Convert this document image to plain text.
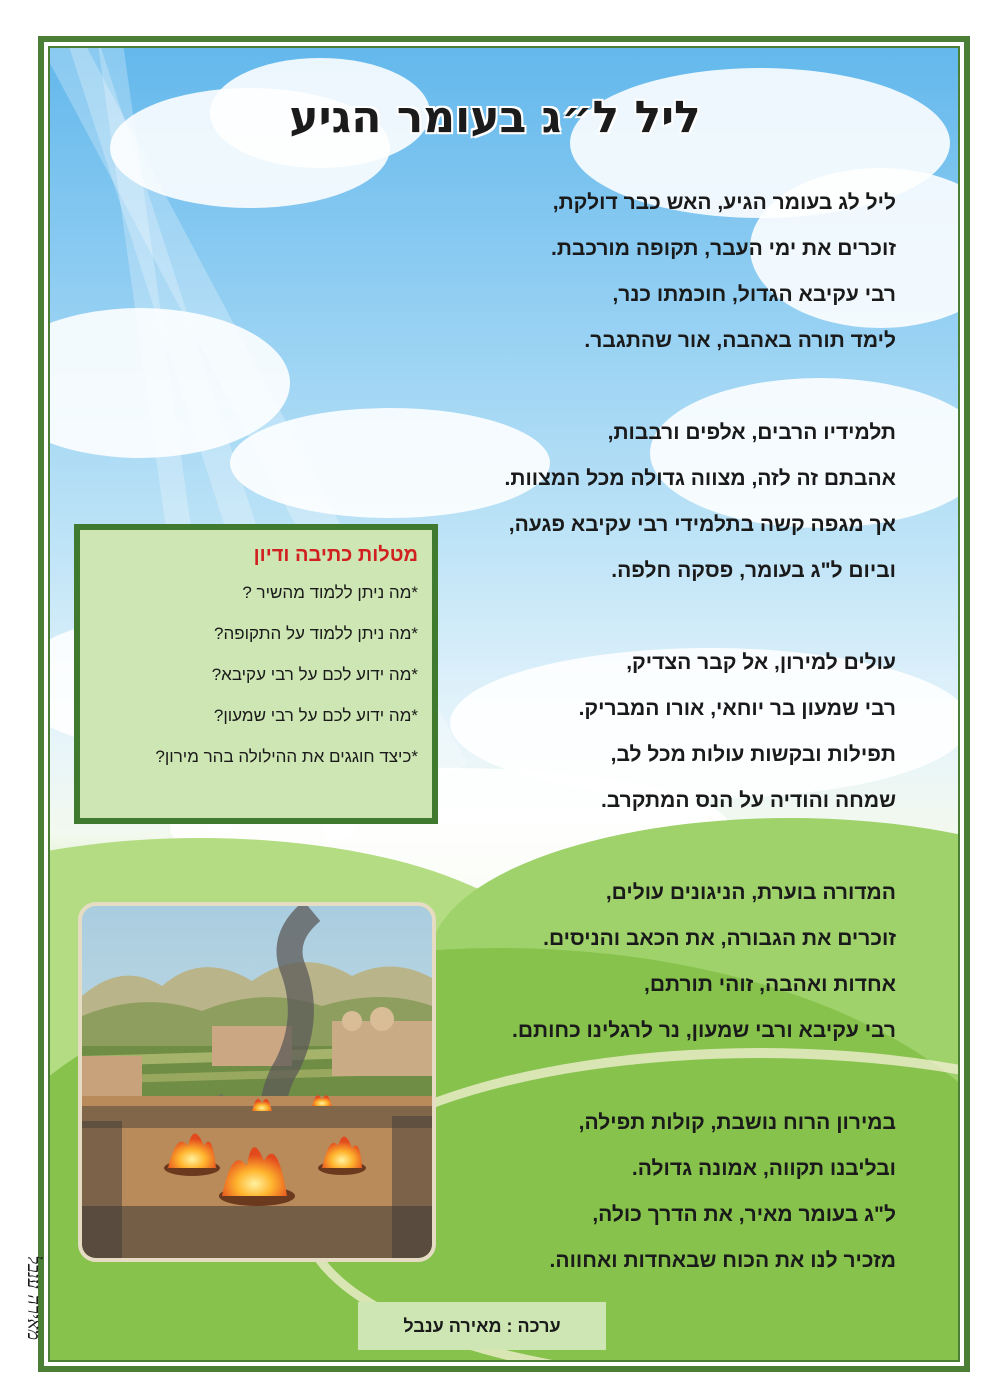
ליל ל״ג בעומר הגיע
ליל לג בעומר הגיע, האש כבר דולקת,
זוכרים את ימי העבר, תקופה מורכבת.
רבי עקיבא הגדול, חוכמתו כנר,
לימד תורה באהבה, אור שהתגבר.
תלמידיו הרבים, אלפים ורבבות,
אהבתם זה לזה, מצווה גדולה מכל המצוות.
אך מגפה קשה בתלמידי רבי עקיבא פגעה,
וביום ל"ג בעומר, פסקה חלפה.
עולים למירון, אל קבר הצדיק,
רבי שמעון בר יוחאי, אורו המבריק.
תפילות ובקשות עולות מכל לב,
שמחה והודיה על הנס המתקרב.
המדורה בוערת, הניגונים עולים,
זוכרים את הגבורה, את הכאב והניסים.
אחדות ואהבה, זוהי תורתם,
רבי עקיבא ורבי שמעון, נר לרגלינו כחותם.
במירון הרוח נושבת, קולות תפילה,
ובליבנו תקווה, אמונה גדולה.
ל"ג בעומר מאיר, את הדרך כולה,
מזכיר לנו את הכוח שבאחדות ואחווה.
מטלות כתיבה ודיון
*מה ניתן ללמוד מהשיר ?
*מה ניתן ללמוד על התקופה?
*מה ידוע לכם על רבי עקיבא?
*מה ידוע לכם על רבי שמעון?
*כיצד חוגגים את ההילולה בהר מירון?
מאירה ענבל	ערכה : מאירה ענבל
